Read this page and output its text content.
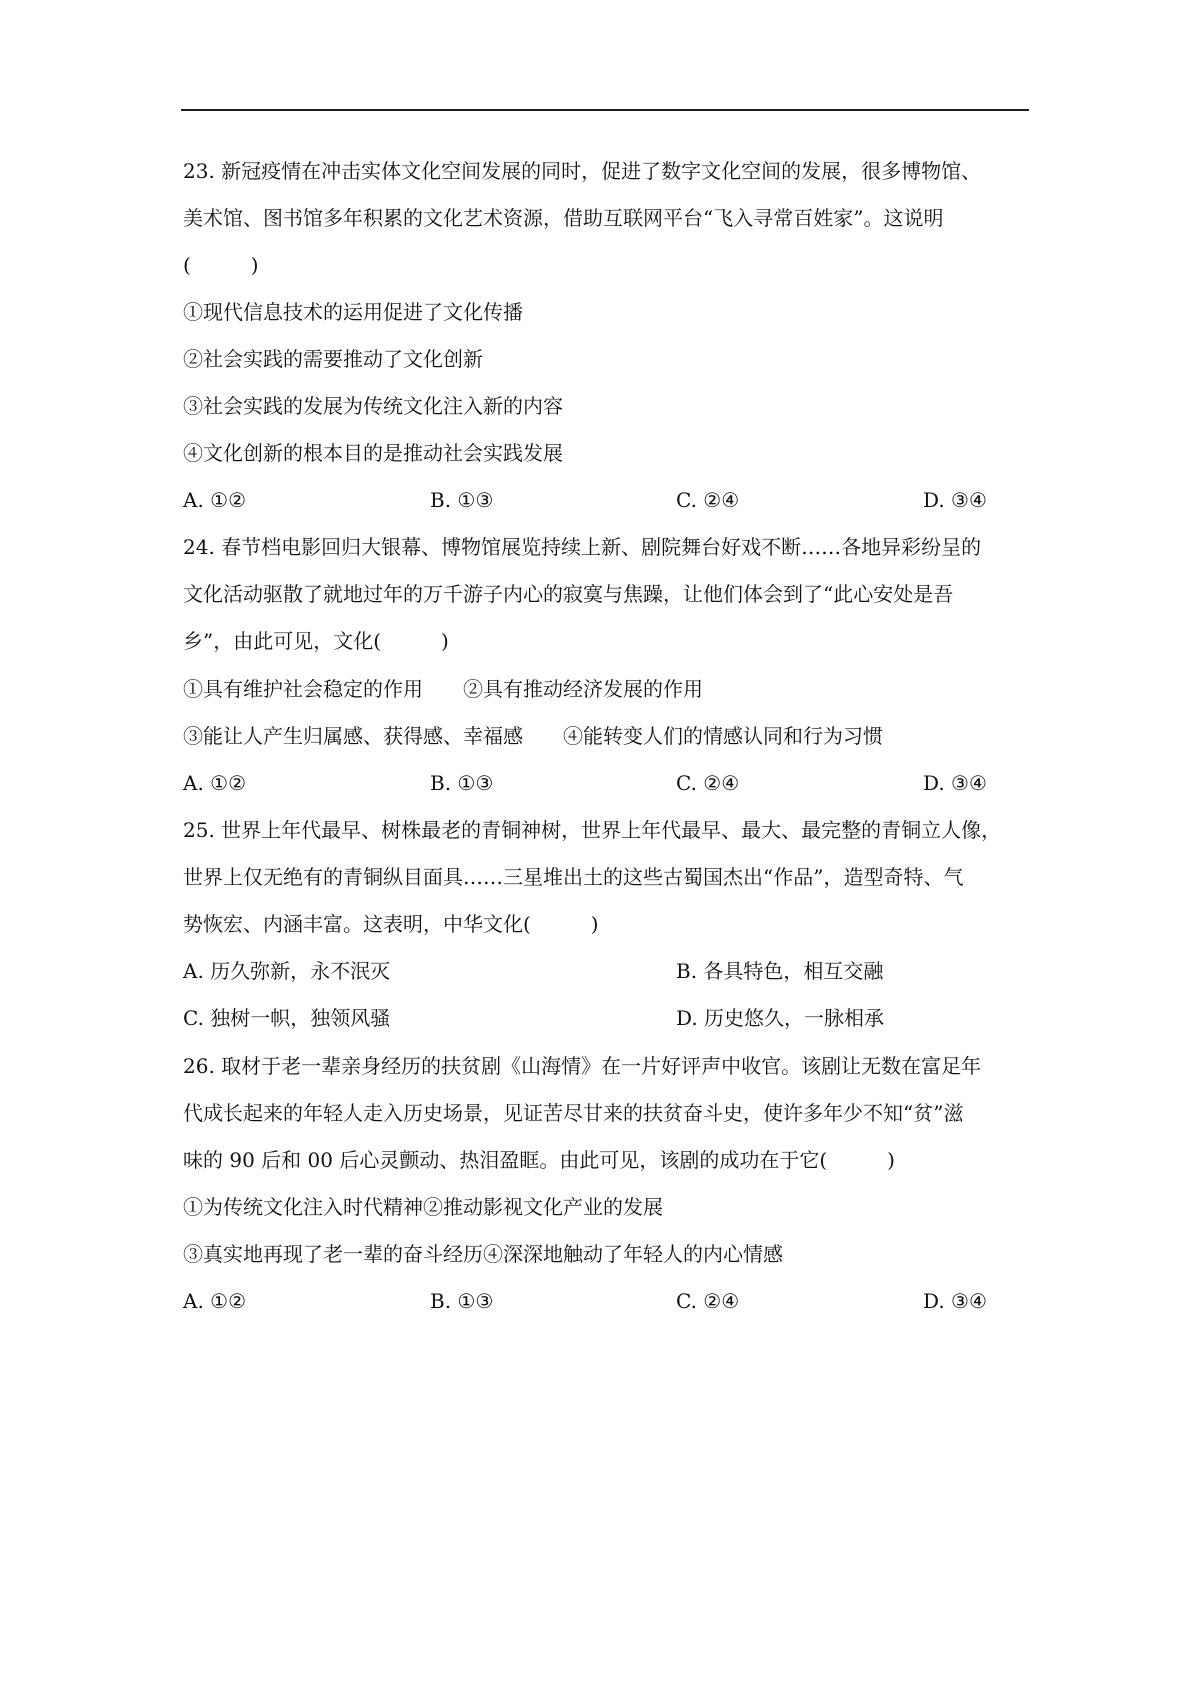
23. 新冠疫情在冲击实体文化空间发展的同时，促进了数字文化空间的发展，很多博物馆、
美术馆、图书馆多年积累的文化艺术资源，借助互联网平台“飞入寻常百姓家”。这说明
(　　　)
①现代信息技术的运用促进了文化传播
②社会实践的需要推动了文化创新
③社会实践的发展为传统文化注入新的内容
④文化创新的根本目的是推动社会实践发展
A. ①②	B. ①③	C. ②④	D. ③④
24. 春节档电影回归大银幕、博物馆展览持续上新、剧院舞台好戏不断……各地异彩纷呈的
文化活动驱散了就地过年的万千游子内心的寂寞与焦躁，让他们体会到了“此心安处是吾
乡”，由此可见，文化(　　　)
①具有维护社会稳定的作用　　②具有推动经济发展的作用
③能让人产生归属感、获得感、幸福感　　④能转变人们的情感认同和行为习惯
A. ①②	B. ①③	C. ②④	D. ③④
25. 世界上年代最早、树株最老的青铜神树，世界上年代最早、最大、最完整的青铜立人像，
世界上仅无绝有的青铜纵目面具……三星堆出土的这些古蜀国杰出“作品”，造型奇特、气
势恢宏、内涵丰富。这表明，中华文化(　　　)
A. 历久弥新，永不泯灭	B. 各具特色，相互交融
C. 独树一帜，独领风骚	D. 历史悠久，一脉相承
26. 取材于老一辈亲身经历的扶贫剧《山海情》在一片好评声中收官。该剧让无数在富足年
代成长起来的年轻人走入历史场景，见证苦尽甘来的扶贫奋斗史，使许多年少不知“贫”滋
味的 90 后和 00 后心灵颤动、热泪盈眶。由此可见，该剧的成功在于它(　　　)
①为传统文化注入时代精神②推动影视文化产业的发展
③真实地再现了老一辈的奋斗经历④深深地触动了年轻人的内心情感
A. ①②	B. ①③	C. ②④	D. ③④
